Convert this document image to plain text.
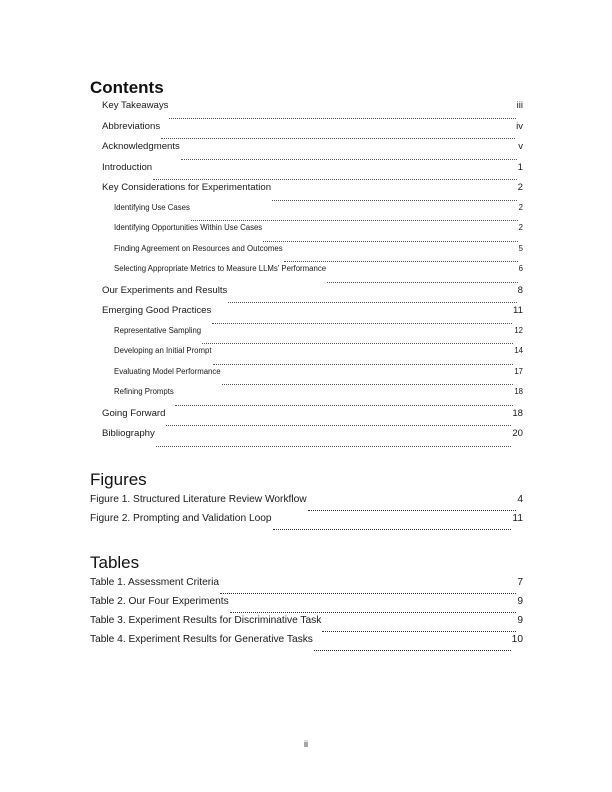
Contents
Key Takeaways	iii
Abbreviations	iv
Acknowledgments	v
Introduction	1
Key Considerations for Experimentation	2
Identifying Use Cases	2
Identifying Opportunities Within Use Cases	2
Finding Agreement on Resources and Outcomes	5
Selecting Appropriate Metrics to Measure LLMs’ Performance	6
Our Experiments and Results	8
Emerging Good Practices	11
Representative Sampling	12
Developing an Initial Prompt	14
Evaluating Model Performance	17
Refining Prompts	18
Going Forward	18
Bibliography	20
Figures
Figure 1. Structured Literature Review Workflow	4
Figure 2. Prompting and Validation Loop	11
Tables
Table 1. Assessment Criteria	7
Table 2. Our Four Experiments	9
Table 3. Experiment Results for Discriminative Task	9
Table 4. Experiment Results for Generative Tasks	10
ii
